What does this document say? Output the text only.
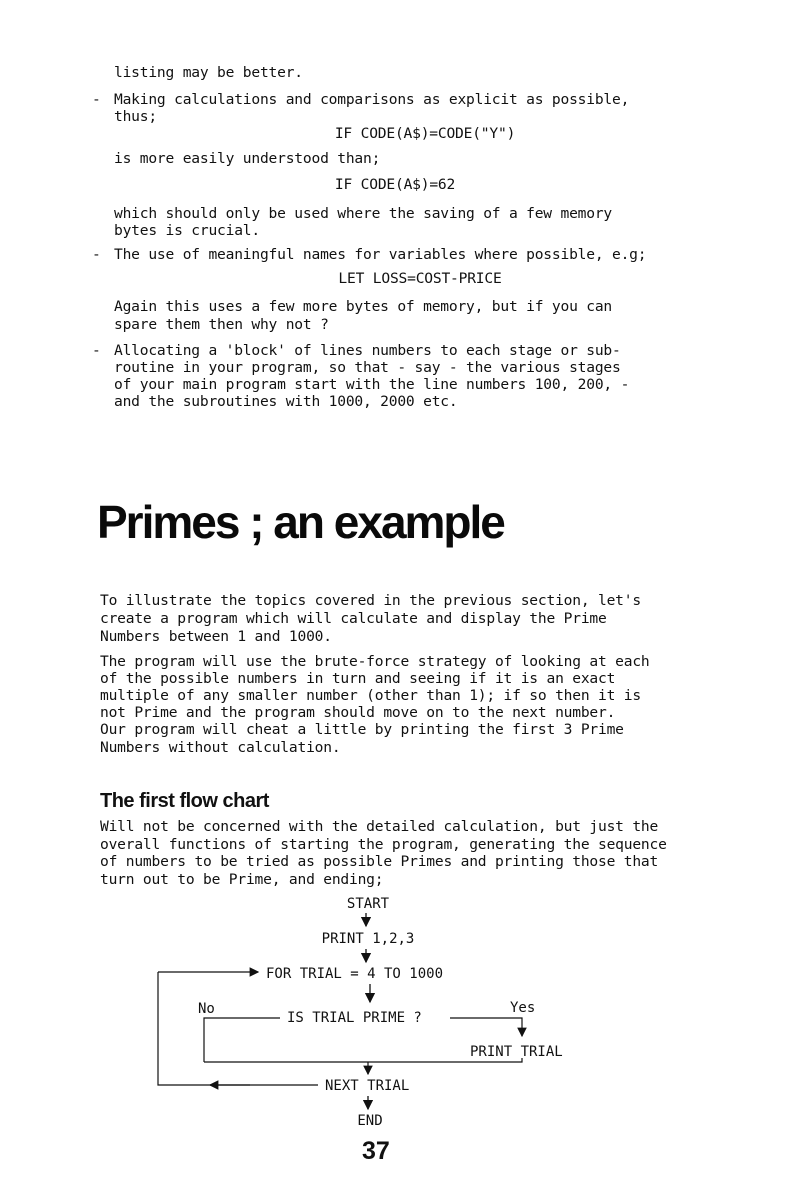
listing may be better.
- Making calculations and comparisons as explicit as possible,
thus;
IF CODE(A$)=CODE("Y")
is more easily understood than;
IF CODE(A$)=62
which should only be used where the saving of a few memory
bytes is crucial.
- The use of meaningful names for variables where possible, e.g;
LET LOSS=COST-PRICE
Again this uses a few more bytes of memory, but if you can
spare them then why not ?
- Allocating a 'block' of lines numbers to each stage or sub-
routine in your program, so that - say - the various stages
of your main program start with the line numbers 100, 200, -
and the subroutines with 1000, 2000 etc.
Primes ; an example
To illustrate the topics covered in the previous section, let's
create a program which will calculate and display the Prime
Numbers between 1 and 1000.
The program will use the brute-force strategy of looking at each
of the possible numbers in turn and seeing if it is an exact
multiple of any smaller number (other than 1); if so then it is
not Prime and the program should move on to the next number.
Our program will cheat a little by printing the first 3 Prime
Numbers without calculation.
The first flow chart
Will not be concerned with the detailed calculation, but just the
overall functions of starting the program, generating the sequence
of numbers to be tried as possible Primes and printing those that
turn out to be Prime, and ending;
START
PRINT 1,2,3
FOR TRIAL = 4 TO 1000
IS TRIAL PRIME ?
No	Yes
PRINT TRIAL
NEXT TRIAL
END
37
